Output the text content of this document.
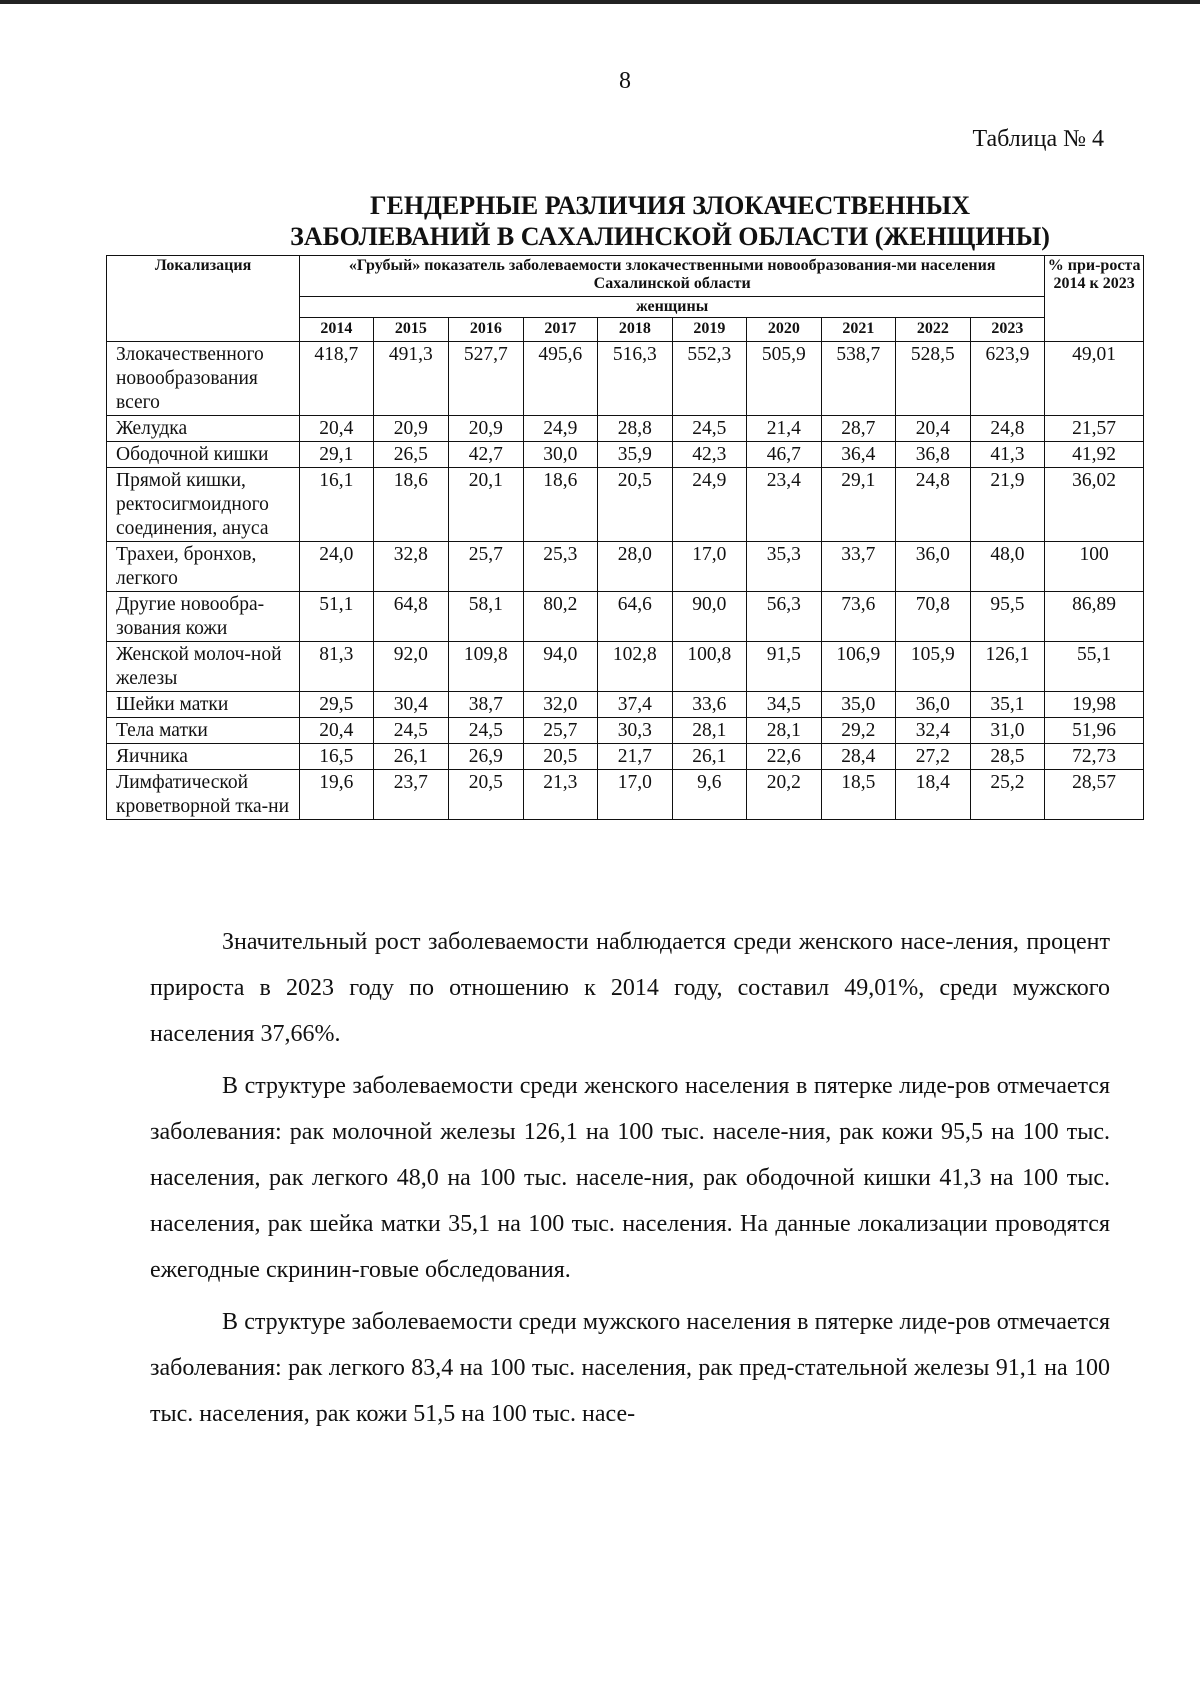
8
Таблица № 4
ГЕНДЕРНЫЕ РАЗЛИЧИЯ ЗЛОКАЧЕСТВЕННЫХ
ЗАБОЛЕВАНИЙ В САХАЛИНСКОЙ ОБЛАСТИ (ЖЕНЩИНЫ)
Локализация	«Грубый» показатель заболеваемости злокачественными новообразования-ми населения Сахалинской области										% при-роста 2014 к 2023
	женщины										
	2014	2015	2016	2017	2018	2019	2020	2021	2022	2023	
Злокачественного новообразования всего	418,7	491,3	527,7	495,6	516,3	552,3	505,9	538,7	528,5	623,9	49,01
Желудка	20,4	20,9	20,9	24,9	28,8	24,5	21,4	28,7	20,4	24,8	21,57
Ободочной кишки	29,1	26,5	42,7	30,0	35,9	42,3	46,7	36,4	36,8	41,3	41,92
Прямой кишки, ректосигмоидного соединения, ануса	16,1	18,6	20,1	18,6	20,5	24,9	23,4	29,1	24,8	21,9	36,02
Трахеи, бронхов, легкого	24,0	32,8	25,7	25,3	28,0	17,0	35,3	33,7	36,0	48,0	100
Другие новообра-зования кожи	51,1	64,8	58,1	80,2	64,6	90,0	56,3	73,6	70,8	95,5	86,89
Женской молоч-ной железы	81,3	92,0	109,8	94,0	102,8	100,8	91,5	106,9	105,9	126,1	55,1
Шейки матки	29,5	30,4	38,7	32,0	37,4	33,6	34,5	35,0	36,0	35,1	19,98
Тела матки	20,4	24,5	24,5	25,7	30,3	28,1	28,1	29,2	32,4	31,0	51,96
Яичника	16,5	26,1	26,9	20,5	21,7	26,1	22,6	28,4	27,2	28,5	72,73
Лимфатической кроветворной тка-ни	19,6	23,7	20,5	21,3	17,0	9,6	20,2	18,5	18,4	25,2	28,57

Значительный рост заболеваемости наблюдается среди женского насе-ления, процент прироста в 2023 году по отношению к 2014 году, составил 49,01%, среди мужского населения 37,66%.

В структуре заболеваемости среди женского населения в пятерке лиде-ров отмечается заболевания: рак молочной железы 126,1 на 100 тыс. населе-ния, рак кожи 95,5 на 100 тыс. населения, рак легкого 48,0 на 100 тыс. населе-ния, рак ободочной кишки 41,3 на 100 тыс. населения, рак шейка матки 35,1 на 100 тыс. населения. На данные локализации проводятся ежегодные скринин-говые обследования.

В структуре заболеваемости среди мужского населения в пятерке лиде-ров отмечается заболевания: рак легкого 83,4 на 100 тыс. населения, рак пред-стательной железы 91,1 на 100 тыс. населения, рак кожи 51,5 на 100 тыс. насе-
